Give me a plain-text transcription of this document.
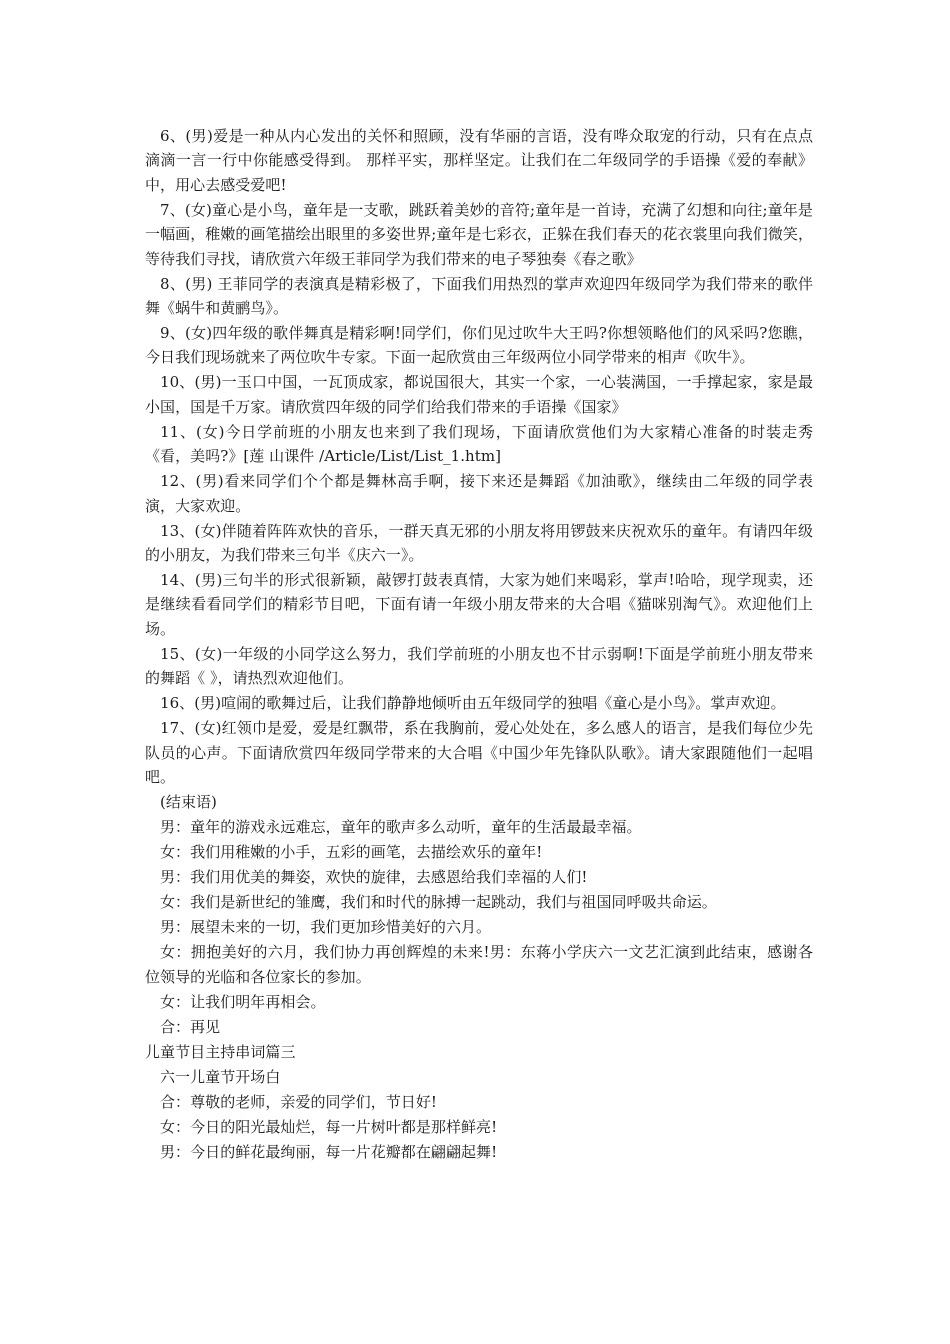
6、(男)爱是一种从内心发出的关怀和照顾，没有华丽的言语，没有哗众取宠的行动，只有在点点滴滴一言一行中你能感受得到。 那样平实，那样坚定。让我们在二年级同学的手语操《爱的奉献》中，用心去感受爱吧!

7、(女)童心是小鸟，童年是一支歌，跳跃着美妙的音符;童年是一首诗，充满了幻想和向往;童年是一幅画，稚嫩的画笔描绘出眼里的多姿世界;童年是七彩衣，正躲在我们春天的花衣裳里向我们微笑，等待我们寻找，请欣赏六年级王菲同学为我们带来的电子琴独奏《春之歌》

8、(男) 王菲同学的表演真是精彩极了，下面我们用热烈的掌声欢迎四年级同学为我们带来的歌伴舞《蜗牛和黄鹂鸟》。

9、(女)四年级的歌伴舞真是精彩啊!同学们，你们见过吹牛大王吗?你想领略他们的风采吗?您瞧，今日我们现场就来了两位吹牛专家。下面一起欣赏由三年级两位小同学带来的相声《吹牛》。

10、(男)一玉口中国，一瓦顶成家，都说国很大，其实一个家，一心装满国，一手撑起家，家是最小国，国是千万家。请欣赏四年级的同学们给我们带来的手语操《国家》

11、(女)今日学前班的小朋友也来到了我们现场，下面请欣赏他们为大家精心准备的时装走秀《看，美吗?》[莲 山课件 /Article/List/List_1.htm]

12、(男)看来同学们个个都是舞林高手啊，接下来还是舞蹈《加油歌》，继续由二年级的同学表演，大家欢迎。

13、(女)伴随着阵阵欢快的音乐，一群天真无邪的小朋友将用锣鼓来庆祝欢乐的童年。有请四年级的小朋友，为我们带来三句半《庆六一》。

14、(男)三句半的形式很新颖，敲锣打鼓表真情，大家为她们来喝彩，掌声!哈哈，现学现卖，还是继续看看同学们的精彩节目吧，下面有请一年级小朋友带来的大合唱《猫咪别淘气》。欢迎他们上场。

15、(女)一年级的小同学这么努力，我们学前班的小朋友也不甘示弱啊!下面是学前班小朋友带来的舞蹈《 》，请热烈欢迎他们。

16、(男)喧闹的歌舞过后，让我们静静地倾听由五年级同学的独唱《童心是小鸟》。掌声欢迎。

17、(女)红领巾是爱，爱是红飘带，系在我胸前，爱心处处在，多么感人的语言，是我们每位少先队员的心声。下面请欣赏四年级同学带来的大合唱《中国少年先锋队队歌》。请大家跟随他们一起唱吧。

(结束语)

男：童年的游戏永远难忘，童年的歌声多么动听，童年的生活最最幸福。

女：我们用稚嫩的小手，五彩的画笔，去描绘欢乐的童年!

男：我们用优美的舞姿，欢快的旋律，去感恩给我们幸福的人们!

女：我们是新世纪的雏鹰，我们和时代的脉搏一起跳动，我们与祖国同呼吸共命运。

男：展望未来的一切，我们更加珍惜美好的六月。

女：拥抱美好的六月，我们协力再创辉煌的未来!男：东蒋小学庆六一文艺汇演到此结束，感谢各位领导的光临和各位家长的参加。

女：让我们明年再相会。

合：再见

儿童节目主持串词篇三

六一儿童节开场白

合：尊敬的老师，亲爱的同学们，节日好!

女：今日的阳光最灿烂，每一片树叶都是那样鲜亮!

男：今日的鲜花最绚丽，每一片花瓣都在翩翩起舞!
